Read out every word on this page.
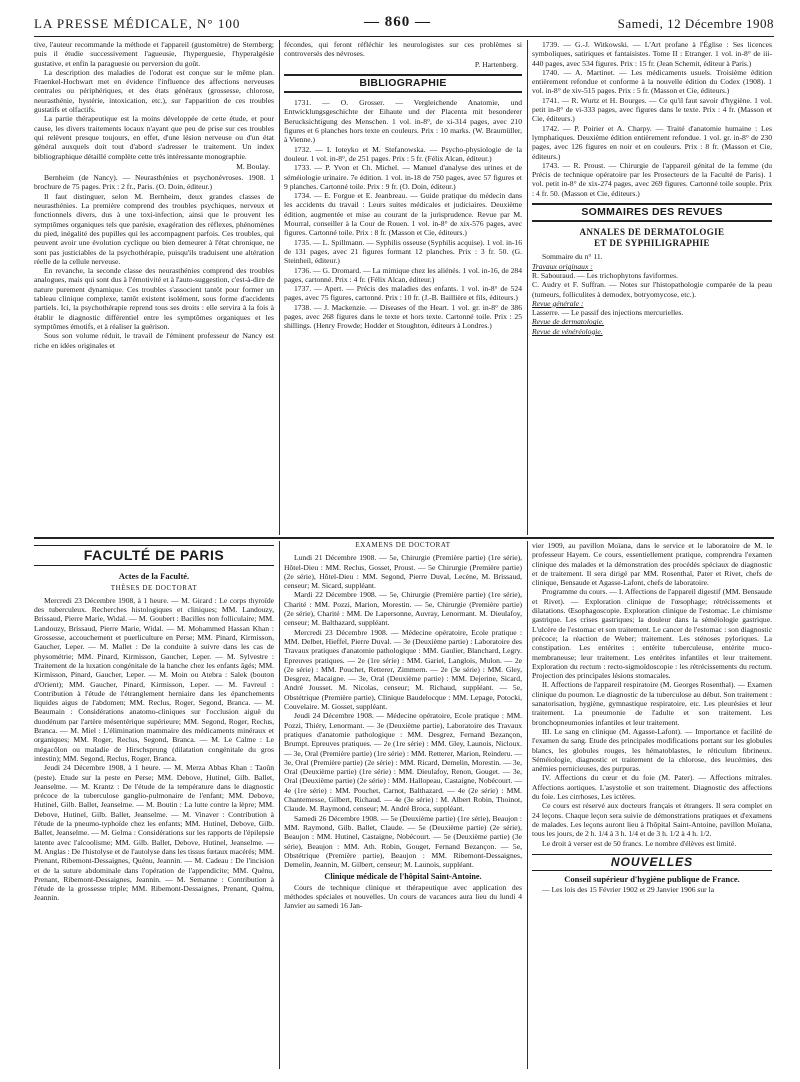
LA PRESSE MÉDICALE, N° 100	— 860 —	Samedi, 12 Décembre 1908

tive, l'auteur recommande la méthode et l'appareil (gustomètre) de Sternberg; puis il étudie successivement l'agueusie, l'hyperguesie, l'hyperalgésie gustative, et enfin la paraguesie ou perversion du goût.

La description des maladies de l'odorat est conçue sur le même plan. Fraenkel-Hochwart met en évidence l'influence des affections nerveuses centrales ou périphériques, et des états généraux (grossesse, chlorose, neurasthénie, hystérie, intoxication, etc.), sur l'apparition de ces troubles gustatifs et olfactifs.

La partie thérapeutique est la moins développée de cette étude, et pour cause, les divers traitements locaux n'ayant que peu de prise sur ces troubles qui relèvent presque toujours, en effet, d'une lésion nerveuse ou d'un état général auxquels doit tout d'abord s'adresser le traitement. Un index bibliographique détaillé complète cette très intéressante monographie.

M. Boulay.

Bernheim (de Nancy). — Neurasthénies et psychonévroses. 1908. 1 brochure de 75 pages. Prix : 2 fr., Paris. (O. Doin, éditeur.)

Il faut distinguer, selon M. Bernheim, deux grandes classes de neurasthénies. La première comprend des troubles psychiques, nerveux et fonctionnels divers, dus à une toxi-infection, ainsi que le prouvent les symptômes organiques tels que parésie, exagération des réflexes, phénomènes du pied, inégalité des pupilles qui les accompagnent parfois. Ces troubles, qui peuvent avoir une évolution cyclique ou bien demeurer à l'état chronique, ne sont pas justiciables de la psychothérapie, puisqu'ils traduisent une altération réelle de la cellule nerveuse.

En revanche, la seconde classe des neurasthénies comprend des troubles analogues, mais qui sont dus à l'émotivité et à l'auto-suggestion, c'est-à-dire de nature purement dynamique. Ces troubles s'associent tantôt pour former un tableau clinique complexe, tantôt existent isolément, sous forme d'accidents partiels. Ici, la psychothérapie reprend tous ses droits : elle servira à la fois à établir le diagnostic différentiel entre les symptômes organiques et les symptômes émotifs, et à réaliser la guérison.

Sous son volume réduit, le travail de l'éminent professeur de Nancy est riche en idées originales et

fécondes, qui feront réfléchir les neurologistes sur ces problèmes si controversés des névroses.

P. Hartenberg.

BIBLIOGRAPHIE

1731. — O. Grosser. — Vergleichende Anatomie, und Entwicklungsgeschichte der Eihaute und der Placenta mit besonderer Berucksichtigung des Menschen. 1 vol. in-8°, de xi-314 pages, avec 210 figures et 6 planches hors texte en couleurs. Prix : 10 marks. (W. Braumüller, à Vienne.)

1732. — I. Ioteyko et M. Stefanowska. — Psycho-physiologie de la douleur. 1 vol. in-8°, de 251 pages. Prix : 5 fr. (Félix Alcan, éditeur.)

1733. — P. Yvon et Ch. Michel. — Manuel d'analyse des urines et de séméiologie urinaire. 7e édition. 1 vol. in-18 de 750 pages, avec 57 figures et 9 planches. Cartonné toile. Prix : 9 fr. (O. Doin, éditeur.)

1734. — E. Forgue et E. Jeanbreau. — Guide pratique du médecin dans les accidents du travail : Leurs suites médicales et judiciaires. Deuxième édition, augmentée et mise au courant de la jurisprudence. Revue par M. Mourral, conseiller à la Cour de Rouen. 1 vol. in-8° de xix-576 pages, avec figures. Cartonné toile. Prix : 8 fr. (Masson et Cie, éditeurs.)

1735. — L. Spillmann. — Syphilis osseuse (Syphilis acquise). 1 vol. in-16 de 131 pages, avec 21 figures formant 12 planches. Prix : 3 fr. 50. (G. Steinheil, éditeur.)

1736. — G. Dromard. — La mimique chez les aliénés. 1 vol. in-16, de 284 pages, cartonné. Prix : 4 fr. (Félix Alcan, éditeur.)

1737. — Apert. — Précis des maladies des enfants. 1 vol. in-8° de 524 pages, avec 75 figures, cartonné. Prix : 10 fr. (J.-B. Baillière et fils, éditeurs.)

1738. — J. Mackenzie. — Diseases of the Heart. 1 vol. gr. in-8° de 386 pages, avec 268 figures dans le texte et hors texte. Cartonné toile. Prix : 25 shillings. (Henry Frowde; Hodder et Stoughton, éditeurs à Londres.)

1739. — G.-J. Witkowski. — L'Art profane à l'Église : Ses licences symboliques, satiriques et fantaisistes. Tome II : Etranger. 1 vol. in-8° de iii-440 pages, avec 534 figures. Prix : 15 fr. (Jean Schemit, éditeur à Paris.)

1740. — A. Martinet. — Les médicaments usuels. Troisième édition entièrement refondue et conforme à la nouvelle édition du Codex (1908). 1 vol. in-8° de xiv-515 pages. Prix : 5 fr. (Masson et Cie, éditeurs.)

1741. — R. Wurtz et H. Bourges. — Ce qu'il faut savoir d'hygiène. 1 vol. petit in-8° de vi-333 pages, avec figures dans le texte. Prix : 4 fr. (Masson et Cie, éditeurs.)

1742. — P. Poirier et A. Charpy. — Traité d'anatomie humaine : Les lymphatiques. Deuxième édition entièrement refondue. 1 vol. gr. in-8° de 230 pages, avec 126 figures en noir et en couleurs. Prix : 8 fr. (Masson et Cie, éditeurs.)

1743. — R. Proust. — Chirurgie de l'appareil génital de la femme (du Précis de technique opératoire par les Prosecteurs de la Faculté de Paris). 1 vol. petit in-8° de xix-274 pages, avec 269 figures. Cartonné toile souple. Prix : 4 fr. 50. (Masson et Cie, éditeurs.)

SOMMAIRES DES REVUES
ANNALES DE DERMATOLOGIE
ET DE SYPHILIGRAPHIE

Sommaire du n° 11.

Travaux originaux :

R. Sabouraud. — Les trichophytons faviformes.

C. Audry et F. Suffran. — Notes sur l'histopathologie comparée de la peau (tumeurs, folliculites à demodex, botryomycose, etc.).

Revue générale :

Lasserre. — Le passif des injections mercurielles.

Revue de dermatologie.

Revue de vénéréologie.

FACULTÉ DE PARIS
Actes de la Faculté.
THÈSES DE DOCTORAT

Mercredi 23 Décembre 1908, à 1 heure. — M. Girard : Le corps thyroïde des tuberculeux. Recherches histologiques et cliniques; MM. Landouzy, Brissaud, Pierre Marie, Widal. — M. Goubert : Bacilles non folliculaire; MM. Landouzy, Brissaud, Pierre Marie, Widal. — M. Mohammed Hassan Khan : Grossesse, accouchement et puerliculture en Perse; MM. Pinard, Kirmisson, Gaucher, Leper. — M. Mallet : De la conduite à suivre dans les cas de physométrie; MM. Pinard, Kirmisson, Gaucher, Leper. — M. Sylvestre : Traitement de la luxation congénitale de la hanche chez les enfants âgés; MM. Kirmisson, Pinard, Gaucher, Leper. — M. Moin ou Atebra : Salek (bouton d'Orient); MM. Gaucher, Pinard, Kirmisson, Leper. — M. Favreul : Contribution à l'étude de l'étranglement herniaire dans les épanchements liquides aigus de l'abdomen; MM. Reclus, Roger, Segond, Branca. — M. Beaumain : Considérations anatomo-cliniques sur l'occlusion aiguë du duodénum par l'artère mésentérique supérieure; MM. Segond, Roger, Reclus, Branca. — M. Miel : L'élimination mammaire des médicaments minéraux et organiques; MM. Roger, Reclus, Segond, Branca. — M. Le Calme : Le mégacôlon ou maladie de Hirschsprung (dilatation congénitale du gros intestin); MM. Segond, Reclus, Roger, Branca.

Jeudi 24 Décembre 1908, à 1 heure. — M. Merza Abbas Khan : Taoûn (peste). Etude sur la peste en Perse; MM. Debove, Hutinel, Gilb. Ballet, Jeanselme. — M. Krantz : De l'étude de la température dans le diagnostic précoce de la tuberculose ganglio-pulmonaire de l'enfant; MM. Debove, Hutinel, Gilb. Ballet, Jeanselme. — M. Boutin : La lutte contre la lèpre; MM. Debove, Hutinel, Gilb. Ballet, Jeanselme. — M. Vinaver : Contribution à l'étude de la pneumo-typhoïde chez les enfants; MM. Hutinel, Debove, Gilb. Ballet, Jeanselme. — M. Gelma : Considérations sur les rapports de l'épilepsie latente avec l'alcoolisme; MM. Gilb. Ballet, Debove, Hutinel, Jeanselme. — M. Anglas : De l'histolyse et de l'autolyse dans les tissus fœtaux macérés; MM. Prenant, Ribemont-Dessaignes, Quénu, Jeannin. — M. Cadeau : De l'incision et de la suture abdominale dans l'opération de l'appendicite; MM. Quénu, Prenant, Ribemont-Dessaignes, Jeannin. — M. Semanne : Contribution à l'étude de la grossesse triple; MM. Ribemont-Dessaignes, Prenant, Quénu, Jeannin.

EXAMENS DE DOCTORAT

Lundi 21 Décembre 1908. — 5e, Chirurgie (Première partie) (1re série), Hôtel-Dieu : MM. Reclus, Gosset, Proust. — 5e Chirurgie (Première partie) (2e série), Hôtel-Dieu : MM. Segond, Pierre Duval, Lecène, M. Brissaud, censeur; M. Sicard, suppléant.

Mardi 22 Décembre 1908. — 5e, Chirurgie (Première partie) (1re série), Charité : MM. Pozzi, Marion, Morestin. — 5e, Chirurgie (Première partie) (2e série), Charité : MM. De Lapersonne, Auvray, Lenormant. M. Dieulafoy, censeur; M. Balthazard, suppléant.

Mercredi 23 Décembre 1908. — Médecine opératoire, Ecole pratique : MM. Delbet, Hieffel, Pierre Duval. — 3e (Deuxième partie) : Laboratoire des Travaux pratiques d'anatomie pathologique : MM. Gaulier, Blanchard, Legry. Epreuves pratiques. — 2e (1re série) : MM. Gariel, Langlois, Mulon. — 2e (2e série) : MM. Pouchet, Retterer, Zimmern. — 2e (3e série) : MM. Gley, Desgrez, Macaigne. — 3e, Oral (Deuxième partie) : MM. Dejerine, Sicard, André Jousset. M. Nicolas, censeur; M. Richaud, suppléant. — 5e, Obstétrique (Première partie), Clinique Baudelocque : MM. Lepage, Potocki, Couvelaire. M. Gosset, suppléant.

Jeudi 24 Décembre 1908. — Médecine opératoire, Ecole pratique : MM. Pozzi, Thiéry, Lenormant. — 3e (Deuxième partie), Laboratoire des Travaux pratiques d'anatomie pathologique : MM. Desgrez, Fernand Bezançon, Brumpt. Epreuves pratiques. — 2e (1re série) : MM. Gley, Launois, Nicloux. — 3e, Oral (Première partie) (1re série) : MM. Retterer, Marion, Reinderu. — 3e, Oral (Première partie) (2e série) : MM. Ricard, Demelin, Morestin. — 3e, Oral (Deuxième partie) (1re série) : MM. Dieulafoy, Renon, Gouget. — 3e, Oral (Deuxième partie) (2e série) : MM. Hallopeau, Castaigne, Nobécourt. — 4e (1re série) : MM. Pouchet, Carnot, Balthazard. — 4e (2e série) : MM. Chantemesse, Gilbert, Richaud. — 4e (3e série) : M. Albert Robin, Thoinot, Claude. M. Raymond, censeur; M. André Broca, suppléant.

Samedi 26 Décembre 1908. — 5e (Deuxième partie) (1re série), Beaujon : MM. Raymond, Gilb. Ballet, Claude. — 5e (Deuxième partie) (2e série), Beaujon : MM. Hutinel, Castaigne, Nobécourt. — 5e (Deuxième partie) (3e série), Beaujon : MM. Ath. Robin, Gouget, Fernand Bezançon. — 5e, Obstétrique (Première partie), Beaujon : MM. Ribemont-Dessaignes, Demelin, Jeannin, M. Gilbert, censeur; M. Launois, suppléant.

Clinique médicale de l'hôpital Saint-Antoine.

Cours de technique clinique et thérapeutique avec application des méthodes spéciales et nouvelles. Un cours de vacances aura lieu du lundi 4 Janvier au samedi 16 Jan-

vier 1909, au pavillon Moïana, dans le service et le laboratoire de M. le professeur Hayem. Ce cours, essentiellement pratique, comprendra l'examen clinique des malades et la démonstration des procédés spéciaux de diagnostic et de traitement. Il sera dirigé par MM. Rosenthal, Pater et Rivet, chefs de clinique, Bensaude et Agasse-Lafont, chefs de laboratoire.

Programme du cours. — I. Affections de l'appareil digestif (MM. Bensaude et Rivet). — Exploration clinique de l'œsophage; rétrécissements et dilatations. Œsophagoscopie. Exploration clinique de l'estomac. Le chimisme gastrique. Les crises gastriques; la douleur dans la séméiologie gastrique. L'ulcère de l'estomac et son traitement. Le cancer de l'estomac : son diagnostic précoce; la réaction de Weber; traitement. Les sténoses pyloriques. La constipation. Les entérites : entérite tuberculeuse, entérite muco-membraneuse; leur traitement. Les entérites infantiles et leur traitement. Exploration du rectum : recto-sigmoïdoscopie : les rétrécissements du rectum. Projection des principales lésions stomacales.

II. Affections de l'appareil respiratoire (M. Georges Rosenthal). — Examen clinique du poumon. Le diagnostic de la tuberculose au début. Son traitement : sanatorisation, hygiène, gymnastique respiratoire, etc. Les pleurésies et leur traitement. La pneumonie de l'adulte et son traitement. Les bronchopneumonies infantiles et leur traitement.

III. Le sang en clinique (M. Agasse-Lafont). — Importance et facilité de l'examen du sang. Etude des principales modifications portant sur les globules blancs, les globules rouges, les hématoblastes, le réticulum fibrineux. Séméiologie, diagnostic et traitement de la chlorose, des leucémies, des anémies pernicieuses, des purpuras.

IV. Affections du cœur et du foie (M. Pater). — Affections mitrales. Affections aortiques. L'asystolie et son traitement. Diagnostic des affections du foie. Les cirrhoses, Les ictères.

Ce cours est réservé aux docteurs français et étrangers. Il sera complet en 24 leçons. Chaque leçon sera suivie de démonstrations pratiques et d'examens de malades. Les leçons auront lieu à l'hôpital Saint-Antoine, pavillon Moïana, tous les jours, de 2 h. 1/4 à 3 h. 1/4 et de 3 h. 1/2 à 4 h. 1/2.

Le droit à verser est de 50 francs. Le nombre d'élèves est limité.

NOUVELLES
Conseil supérieur d'hygiène publique de France.

— Les lois des 15 Février 1902 et 29 Janvier 1906 sur la
